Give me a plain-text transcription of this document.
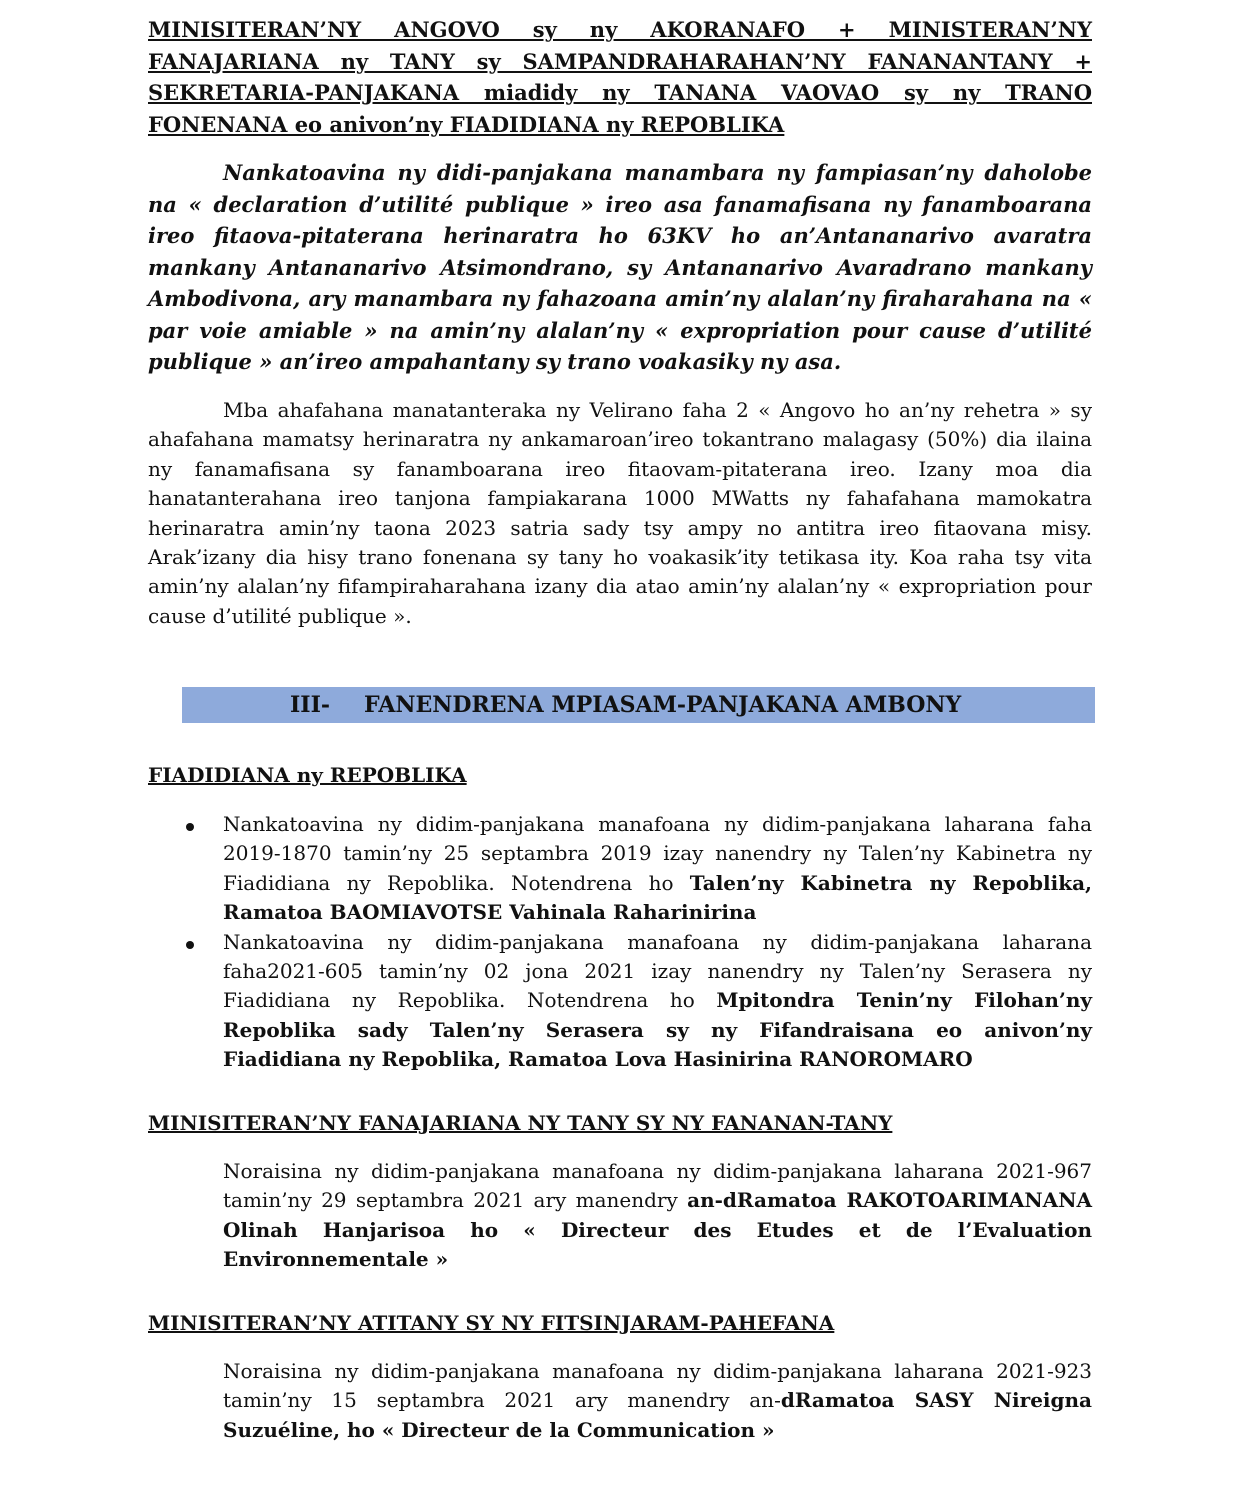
MINISITERAN’NY ANGOVO sy ny AKORANAFO + MINISTERAN’NY FANAJARIANA ny TANY sy SAMPANDRAHARAHAN’NY FANANANTANY + SEKRETARIA-PANJAKANA miadidy ny TANANA VAOVAO sy ny TRANO FONENANA eo anivon’ny FIADIDIANA ny REPOBLIKA

Nankatoavina ny didi-panjakana manambara ny fampiasan’ny daholobe na « declaration d’utilité publique » ireo asa fanamafisana ny fanamboarana ireo fitaova-pitaterana herinaratra ho 63KV ho an’Antananarivo avaratra mankany Antananarivo Atsimondrano, sy Antananarivo Avaradrano mankany Ambodivona, ary manambara ny fahazoana amin’ny alalan’ny firaharahana na « par voie amiable » na amin’ny alalan’ny « expropriation pour cause d’utilité publique » an’ireo ampahantany sy trano voakasiky ny asa.

Mba ahafahana manatanteraka ny Velirano faha 2 « Angovo ho an’ny rehetra » sy ahafahana mamatsy herinaratra ny ankamaroan’ireo tokantrano malagasy (50%) dia ilaina ny fanamafisana sy fanamboarana ireo fitaovam-pitaterana ireo. Izany moa dia hanatanterahana ireo tanjona fampiakarana 1000 MWatts ny fahafahana mamokatra herinaratra amin’ny taona 2023 satria sady tsy ampy no antitra ireo fitaovana misy. Arak’izany dia hisy trano fonenana sy tany ho voakasik’ity tetikasa ity. Koa raha tsy vita amin’ny alalan’ny fifampiraharahana izany dia atao amin’ny alalan’ny « expropriation pour cause d’utilité publique ».

III- FANENDRENA MPIASAM-PANJAKANA AMBONY

FIADIDIANA ny REPOBLIKA

Nankatoavina ny didim-panjakana manafoana ny didim-panjakana laharana faha 2019-1870 tamin’ny 25 septambra 2019 izay nanendry ny Talen’ny Kabinetra ny Fiadidiana ny Repoblika. Notendrena ho Talen’ny Kabinetra ny Repoblika, Ramatoa BAOMIAVOTSE Vahinala Raharinirina
Nankatoavina ny didim-panjakana manafoana ny didim-panjakana laharana faha2021-605 tamin’ny 02 jona 2021 izay nanendry ny Talen’ny Serasera ny Fiadidiana ny Repoblika. Notendrena ho Mpitondra Tenin’ny Filohan’ny Repoblika sady Talen’ny Serasera sy ny Fifandraisana eo anivon’ny Fiadidiana ny Repoblika, Ramatoa Lova Hasinirina RANOROMARO

MINISITERAN’NY FANAJARIANA NY TANY SY NY FANANAN-TANY

Noraisina ny didim-panjakana manafoana ny didim-panjakana laharana 2021-967 tamin’ny 29 septambra 2021 ary manendry an-dRamatoa RAKOTOARIMANANA Olinah Hanjarisoa ho « Directeur des Etudes et de l’Evaluation Environnementale »

MINISITERAN’NY ATITANY SY NY FITSINJARAM-PAHEFANA

Noraisina ny didim-panjakana manafoana ny didim-panjakana laharana 2021-923 tamin’ny 15 septambra 2021 ary manendry an-dRamatoa SASY Nireigna Suzuéline, ho « Directeur de la Communication »
